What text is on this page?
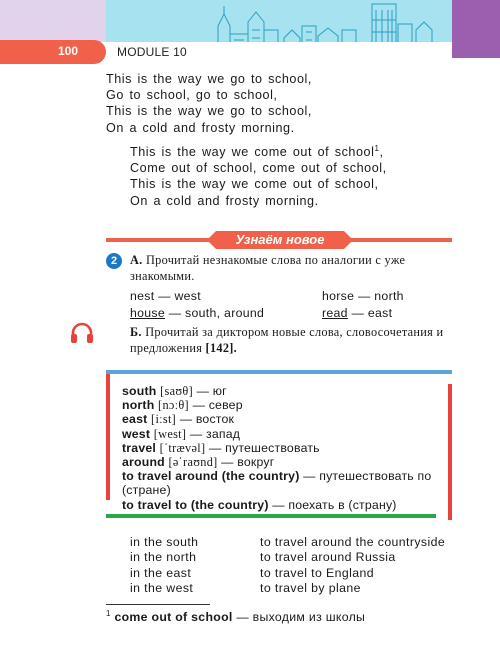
100	MODULE 10
This is the way we go to school,
Go to school, go to school,
This is the way we go to school,
On a cold and frosty morning.
This is the way we come out of school$^1$,
Come out of school, come out of school,
This is the way we come out of school,
On a cold and frosty morning.
Узнаём новое
2	А. Прочитай незнакомые слова по аналогии с уже знакомыми.
nest — west
house — south, around
horse — north
read — east
Б. Прочитай за диктором новые слова, словосочетания и предложения [142].
south [saʊθ] — юг
north [nɔːθ] — север
east [iːst] — восток
west [west] — запад
travel [ˈtrævəl] — путешествовать
around [əˈraʊnd] — вокруг
to travel around (the country) — путешествовать по (стране)
to travel to (the country) — поехать в (страну)
in the south
in the north
in the east
in the west
to travel around the countryside
to travel around Russia
to travel to England
to travel by plane
$^1$ come out of school — выходим из школы
